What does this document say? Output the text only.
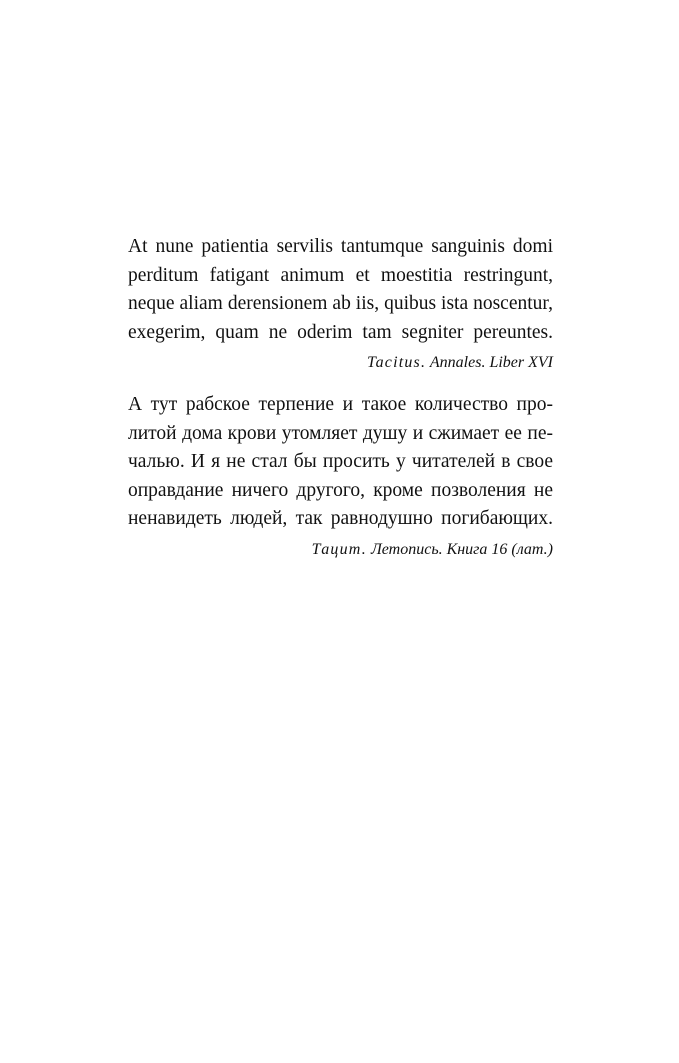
At nune patientia servilis tantumque sanguinis domi
perditum fatigant animum et moestitia restringunt,
neque aliam derensionem ab iis, quibus ista noscentur,
exegerim, quam ne oderim tam segniter pereuntes.
Tacitus. Annales. Liber XVI
А тут рабское терпение и такое количество про-
литой дома крови утомляет душу и сжимает ее пе-
чалью. И я не стал бы просить у читателей в свое
оправдание ничего другого, кроме позволения не
ненавидеть людей, так равнодушно погибающих.
Тацит. Летопись. Книга 16 (лат.)
